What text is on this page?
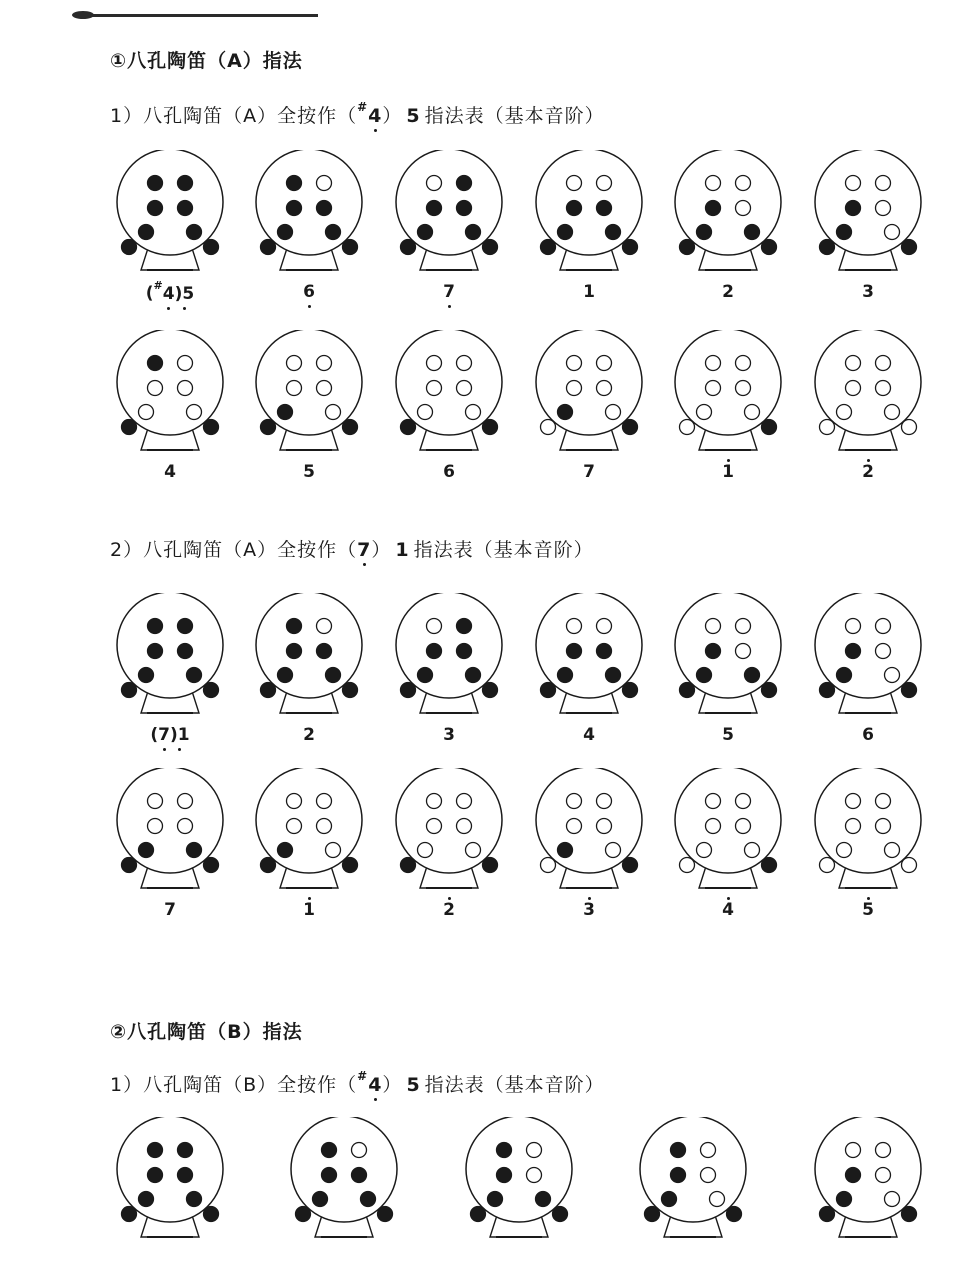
①八孔陶笛（A）指法
1）八孔陶笛（A）全按作（#4） 5 指法表（基本音阶）
(#4)5	6	7	1	2	3
4	5	6	7	1	2
2）八孔陶笛（A）全按作（7） 1 指法表（基本音阶）
(7)1	2	3	4	5	6
7	1	2	3	4	5
②八孔陶笛（B）指法
1）八孔陶笛（B）全按作（#4） 5 指法表（基本音阶）
